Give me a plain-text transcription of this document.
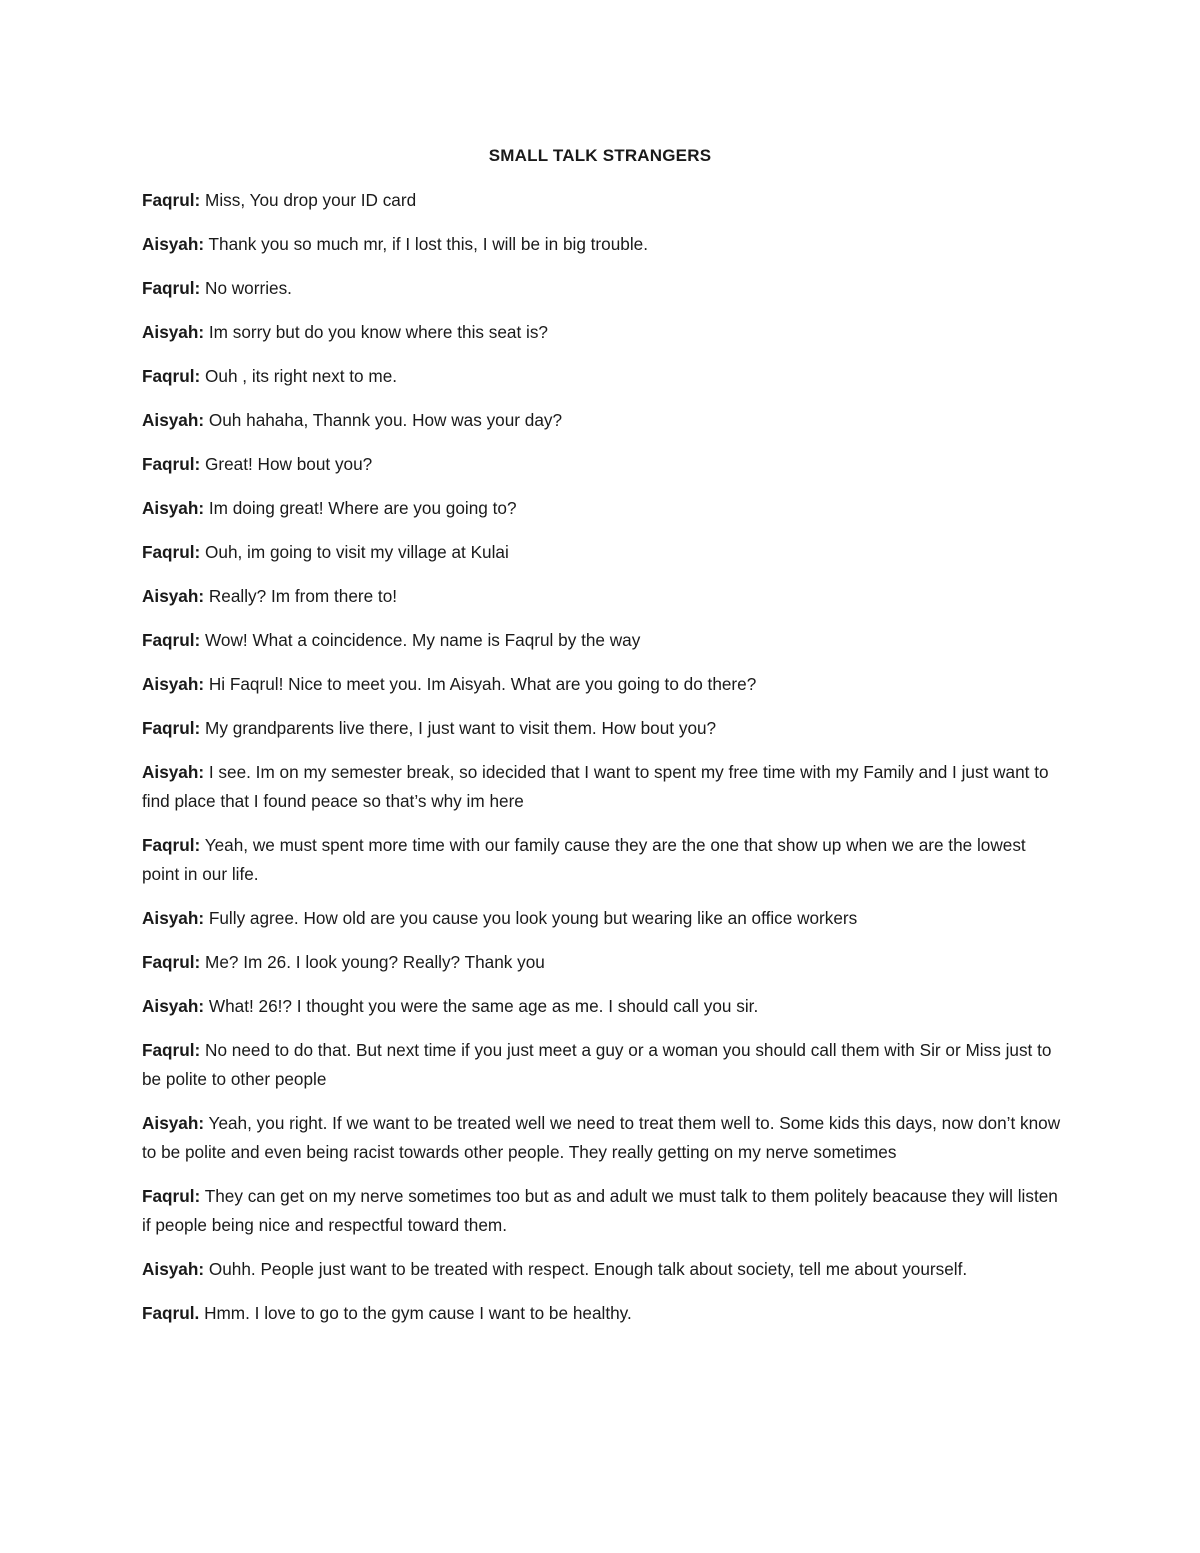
SMALL TALK STRANGERS
Faqrul: Miss, You drop your ID card
Aisyah: Thank you so much mr, if I lost this, I will be in big trouble.
Faqrul: No worries.
Aisyah: Im sorry but do you know where this seat is?
Faqrul: Ouh , its right next to me.
Aisyah: Ouh hahaha, Thannk you. How was your day?
Faqrul: Great! How bout you?
Aisyah: Im doing great! Where are you going to?
Faqrul: Ouh, im going to visit my village at Kulai
Aisyah: Really? Im from there to!
Faqrul: Wow! What a coincidence. My name is Faqrul by the way
Aisyah: Hi Faqrul! Nice to meet you. Im Aisyah. What are you going to do there?
Faqrul: My grandparents live there, I just want to visit them. How bout you?
Aisyah: I see. Im on my semester break, so idecided that I want to spent my free time with my Family and I just want to find place that I found peace so that’s why im here
Faqrul: Yeah, we must spent more time with our family cause they are the one that show up when we are the lowest point in our life.
Aisyah: Fully agree. How old are you cause you look young but wearing like an office workers
Faqrul: Me? Im 26. I look young? Really? Thank you
Aisyah: What! 26!? I thought you were the same age as me. I should call you sir.
Faqrul: No need to do that. But next time if you just meet a guy or a woman you should call them with Sir or Miss just to be polite to other people
Aisyah: Yeah, you right. If we want to be treated well we need to treat them well to. Some kids this days, now don’t know to be polite and even being racist towards other people. They really getting on my nerve sometimes
Faqrul: They can get on my nerve sometimes too but as and adult we must talk to them politely beacause they will listen if people being nice and respectful toward them.
Aisyah: Ouhh. People just want to be treated with respect. Enough talk about society, tell me about yourself.
Faqrul. Hmm. I love to go to the gym cause I want to be healthy.
